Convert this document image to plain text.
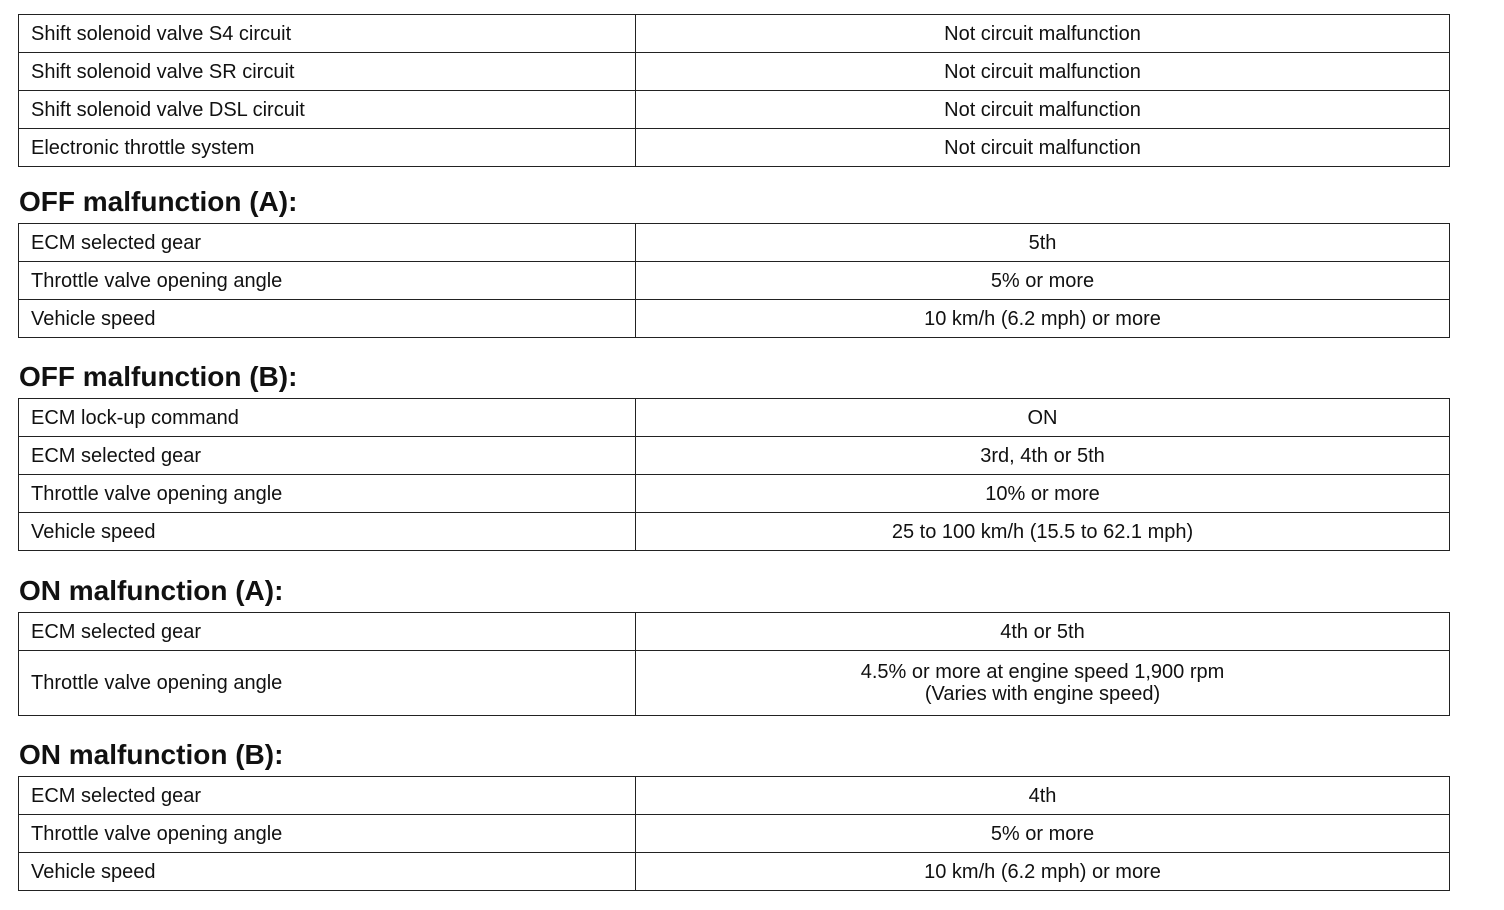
Shift solenoid valve S4 circuit	Not circuit malfunction
Shift solenoid valve SR circuit	Not circuit malfunction
Shift solenoid valve DSL circuit	Not circuit malfunction
Electronic throttle system	Not circuit malfunction
OFF malfunction (A):
ECM selected gear	5th
Throttle valve opening angle	5% or more
Vehicle speed	10 km/h (6.2 mph) or more
OFF malfunction (B):
ECM lock-up command	ON
ECM selected gear	3rd, 4th or 5th
Throttle valve opening angle	10% or more
Vehicle speed	25 to 100 km/h (15.5 to 62.1 mph)
ON malfunction (A):
ECM selected gear	4th or 5th
Throttle valve opening angle	4.5% or more at engine speed 1,900 rpm
(Varies with engine speed)
ON malfunction (B):
ECM selected gear	4th
Throttle valve opening angle	5% or more
Vehicle speed	10 km/h (6.2 mph) or more
